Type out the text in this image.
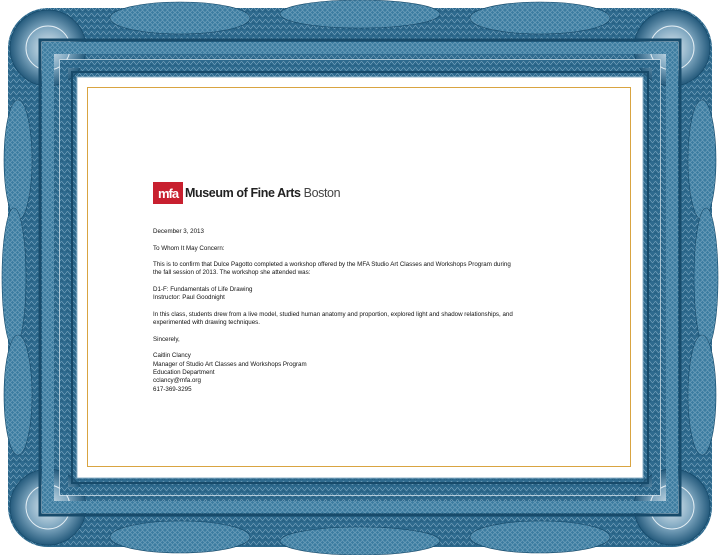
mfa Museum of Fine Arts Boston

December 3, 2013

To Whom It May Concern:

This is to confirm that Dulce Pagotto completed a workshop offered by the MFA Studio Art Classes and Workshops Program during
the fall session of 2013. The workshop she attended was:

D1-F: Fundamentals of Life Drawing
Instructor: Paul Goodnight

In this class, students drew from a live model, studied human anatomy and proportion, explored light and shadow relationships, and
experimented with drawing techniques.

Sincerely,

Caitlin Clancy
Manager of Studio Art Classes and Workshops Program
Education Department
cclancy@mfa.org
617-369-3295
